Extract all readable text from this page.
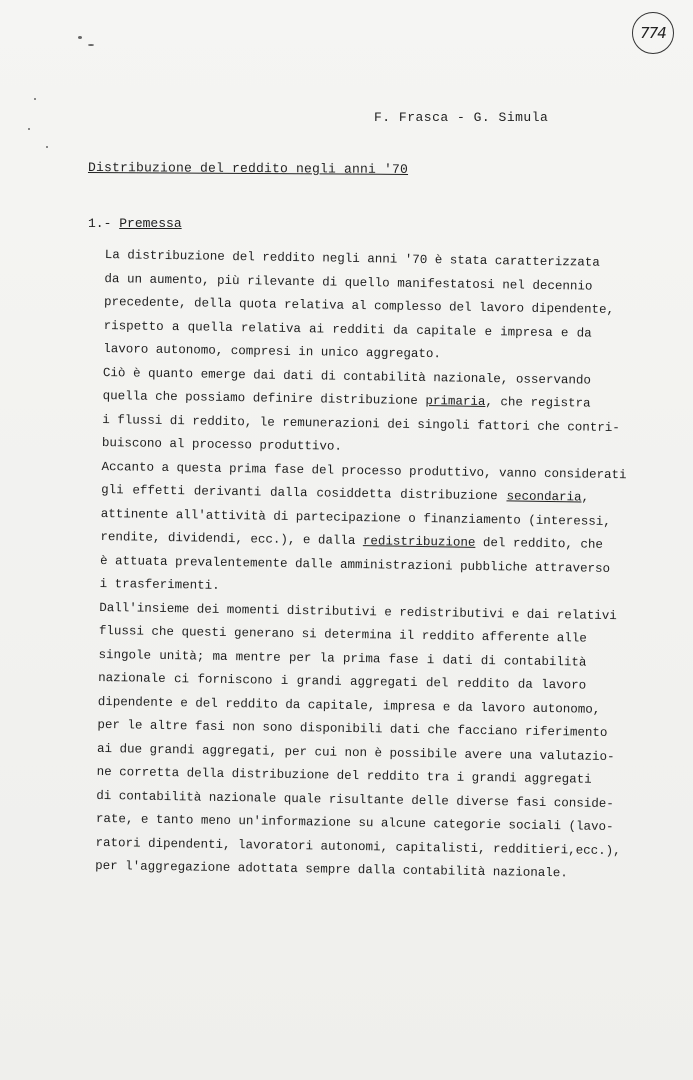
774
F. Frasca - G. Simula
Distribuzione del reddito negli anni '70
1.- Premessa

La distribuzione del reddito negli anni '70 è stata caratterizzata
da un aumento, più rilevante di quello manifestatosi nel decennio
precedente, della quota relativa al complesso del lavoro dipendente,
rispetto a quella relativa ai redditi da capitale e impresa e da
lavoro autonomo, compresi in unico aggregato.

Ciò è quanto emerge dai dati di contabilità nazionale, osservando
quella che possiamo definire distribuzione primaria, che registra
i flussi di reddito, le remunerazioni dei singoli fattori che contri-
buiscono al processo produttivo.

Accanto a questa prima fase del processo produttivo, vanno considerati
gli effetti derivanti dalla cosiddetta distribuzione secondaria,
attinente all'attività di partecipazione o finanziamento (interessi,
rendite, dividendi, ecc.), e dalla redistribuzione del reddito, che
è attuata prevalentemente dalle amministrazioni pubbliche attraverso
i trasferimenti.

Dall'insieme dei momenti distributivi e redistributivi e dai relativi
flussi che questi generano si determina il reddito afferente alle
singole unità; ma mentre per la prima fase i dati di contabilità
nazionale ci forniscono i grandi aggregati del reddito da lavoro
dipendente e del reddito da capitale, impresa e da lavoro autonomo,
per le altre fasi non sono disponibili dati che facciano riferimento
ai due grandi aggregati, per cui non è possibile avere una valutazio-
ne corretta della distribuzione del reddito tra i grandi aggregati
di contabilità nazionale quale risultante delle diverse fasi conside-
rate, e tanto meno un'informazione su alcune categorie sociali (lavo-
ratori dipendenti, lavoratori autonomi, capitalisti, redditieri,ecc.),
per l'aggregazione adottata sempre dalla contabilità nazionale.
